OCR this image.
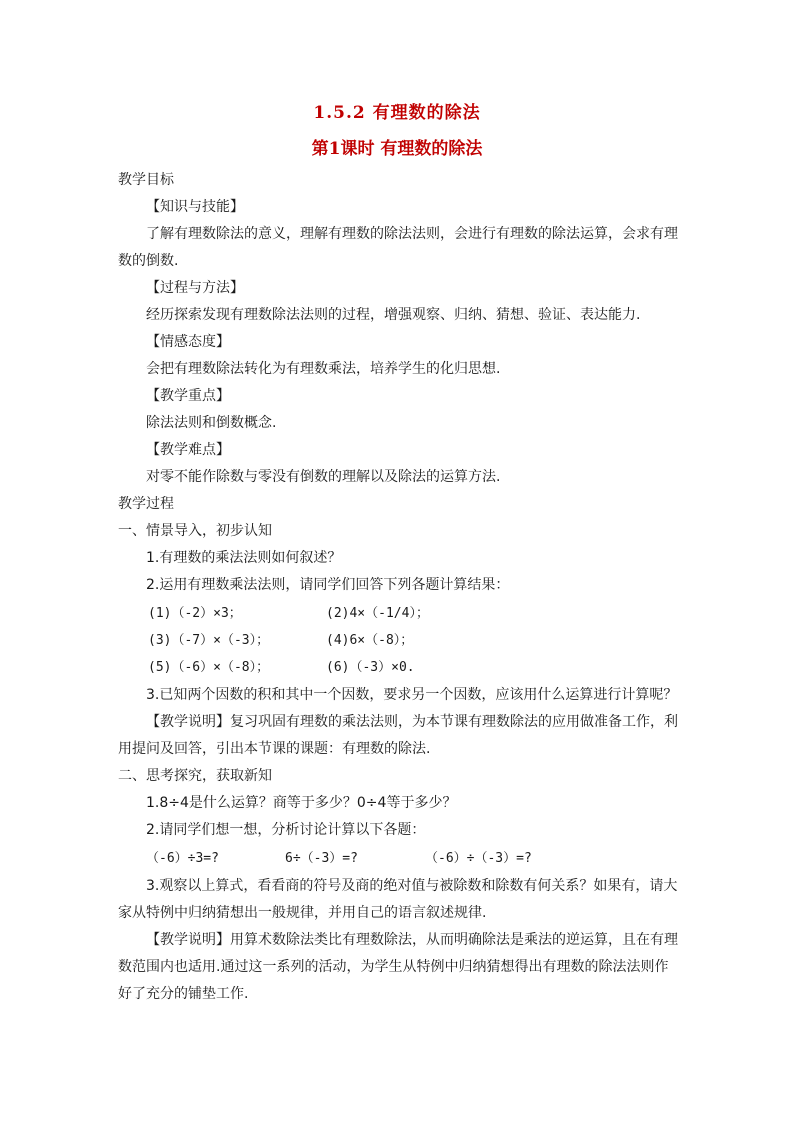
1.5.2 有理数的除法
第1课时 有理数的除法
教学目标
【知识与技能】
了解有理数除法的意义，理解有理数的除法法则，会进行有理数的除法运算，会求有理
数的倒数.
【过程与方法】
经历探索发现有理数除法法则的过程，增强观察、归纳、猜想、验证、表达能力.
【情感态度】
会把有理数除法转化为有理数乘法，培养学生的化归思想.
【教学重点】
除法法则和倒数概念.
【教学难点】
对零不能作除数与零没有倒数的理解以及除法的运算方法.
教学过程
一、情景导入，初步认知
1.有理数的乘法法则如何叙述？
2.运用有理数乘法法则，请同学们回答下列各题计算结果：
(1)（-2）×3；	(2)4×（-1/4）；
(3)（-7）×（-3）；	(4)6×（-8）；
(5)（-6）×（-8）；	(6)（-3）×0.
3.已知两个因数的积和其中一个因数，要求另一个因数，应该用什么运算进行计算呢？
【教学说明】复习巩固有理数的乘法法则，为本节课有理数除法的应用做准备工作，利
用提问及回答，引出本节课的课题：有理数的除法.
二、思考探究，获取新知
1.8÷4是什么运算？商等于多少？0÷4等于多少？
2.请同学们想一想，分析讨论计算以下各题：
（-6）÷3=?	6÷（-3）=?	（-6）÷（-3）=?
3.观察以上算式，看看商的符号及商的绝对值与被除数和除数有何关系？如果有，请大
家从特例中归纳猜想出一般规律，并用自己的语言叙述规律.
【教学说明】用算术数除法类比有理数除法，从而明确除法是乘法的逆运算，且在有理
数范围内也适用.通过这一系列的活动，为学生从特例中归纳猜想得出有理数的除法法则作
好了充分的铺垫工作.
